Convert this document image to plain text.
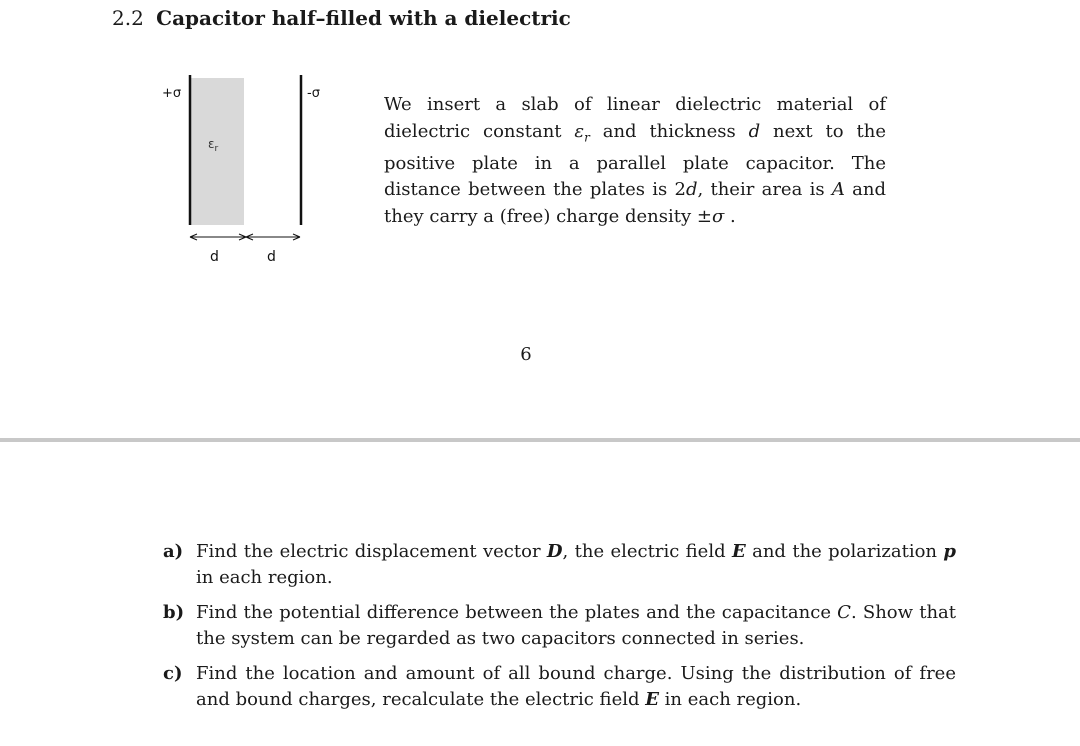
2.2 Capacitor half–filled with a dielectric
+σ	-σ
$\varepsilon_r$
d	d
We insert a slab of linear dielectric material of dielectric constant $\varepsilon_r$ and thickness d next to the positive plate in a parallel plate capacitor. The distance between the plates is 2d, their area is A and they carry a (free) charge density ±σ .
6
a) Find the electric displacement vector D, the electric field E and the polarization p in each region.
b) Find the potential difference between the plates and the capacitance C. Show that the system can be regarded as two capacitors connected in series.
c) Find the location and amount of all bound charge. Using the distribution of free and bound charges, recalculate the electric field E in each region.
